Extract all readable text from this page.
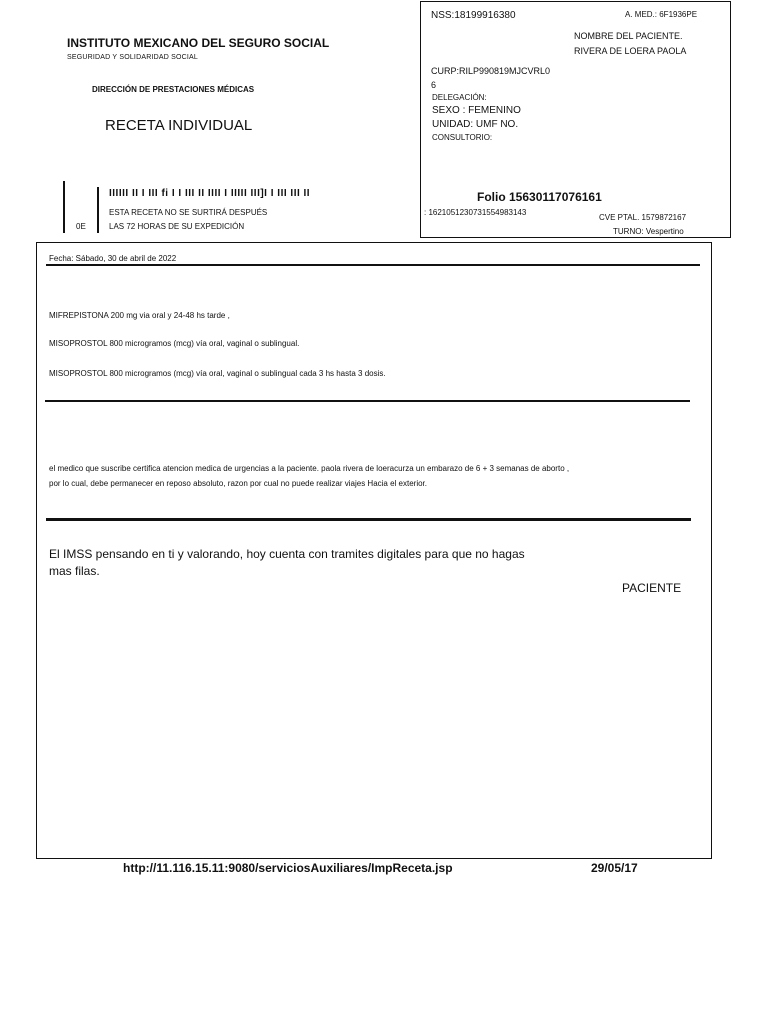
INSTITUTO MEXICANO DEL SEGURO SOCIAL
SEGURIDAD Y SOLIDARIDAD SOCIAL
DIRECCIÓN DE PRESTACIONES MÉDICAS
RECETA INDIVIDUAL
IIIIII II I III fi I I III II IIII I IIIII III]I I III III II
ESTA RECETA NO SE SURTIRÁ DESPUÉS
LAS 72 HORAS DE SU EXPEDICIÓN
0E
NSS:18199916380	A. MED.: 6F1936PE
NOMBRE DEL PACIENTE.
RIVERA DE LOERA PAOLA
CURP:RILP990819MJCVRL0
6
DELEGACIÓN:
SEXO : FEMENINO
UNIDAD: UMF NO.
CONSULTORIO:
Folio 15630117076161
: 1621051230731554983143
CVE PTAL. 1579872167
TURNO: Vespertino
Fecha: Sábado, 30 de abril de 2022
MIFREPISTONA 200 mg via oral y 24-48 hs tarde ,
MISOPROSTOL 800 microgramos (mcg) vía oral, vaginal o sublingual.
MISOPROSTOL 800 microgramos (mcg) vía oral, vaginal o sublingual cada 3 hs hasta 3 dosis.
el medico que suscribe certifica atencion medica de urgencias a la paciente. paola rivera de loeracurza un embarazo de 6 + 3 semanas de aborto ,
por lo cual, debe permanecer en reposo absoluto, razon por cual no puede realizar viajes Hacia el exterior.
El IMSS pensando en ti y valorando, hoy cuenta con tramites digitales para que no hagas
mas filas.
PACIENTE
http://11.116.15.11:9080/serviciosAuxiliares/ImpReceta.jsp	29/05/17
